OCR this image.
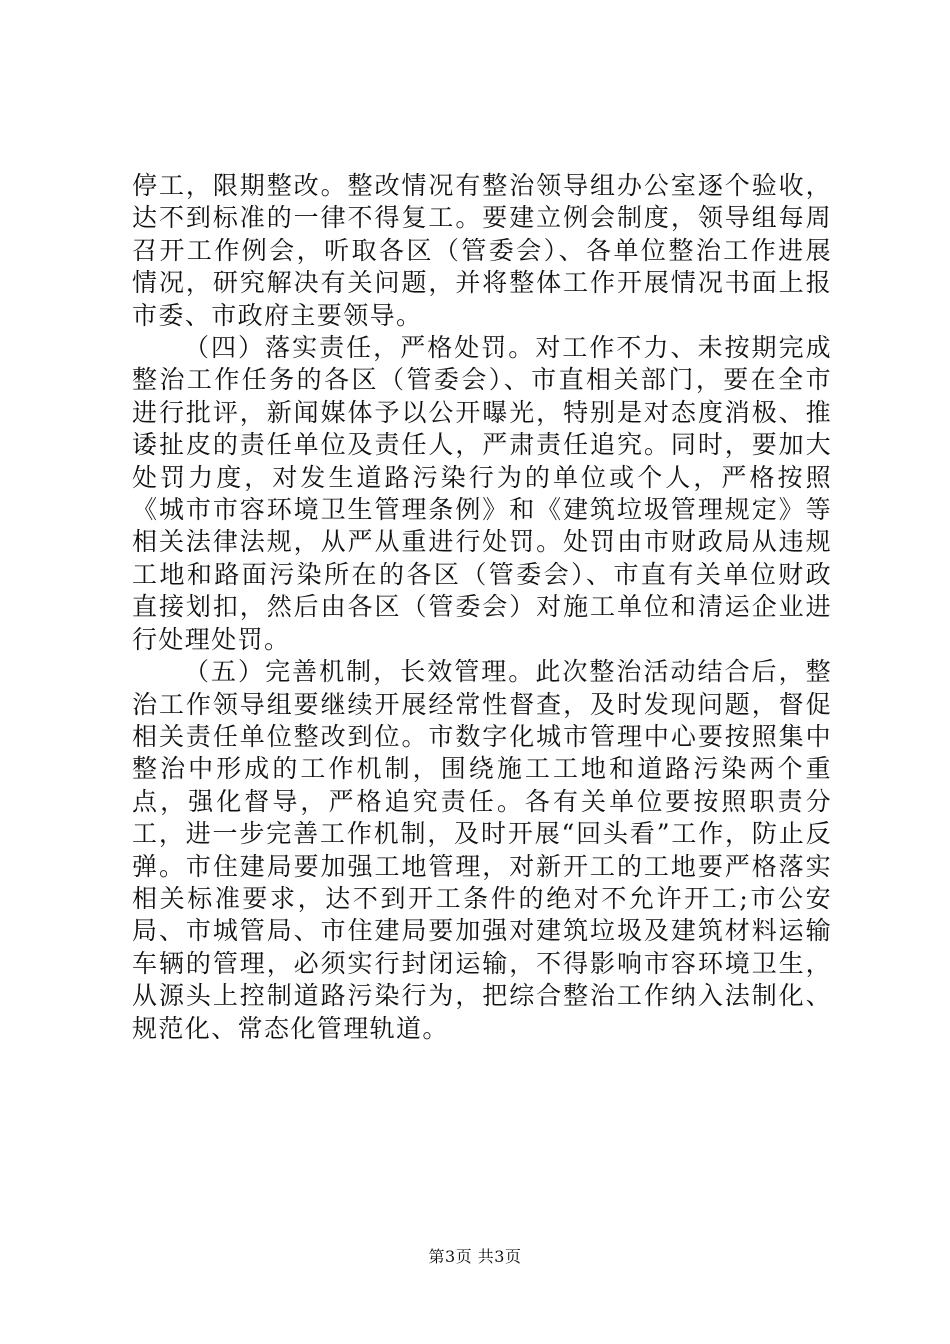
停工，限期整改。整改情况有整治领导组办公室逐个验收，达不到标准的一律不得复工。要建立例会制度，领导组每周召开工作例会，听取各区（管委会）、各单位整治工作进展情况，研究解决有关问题，并将整体工作开展情况书面上报市委、市政府主要领导。

（四）落实责任，严格处罚。对工作不力、未按期完成整治工作任务的各区（管委会）、市直相关部门，要在全市进行批评，新闻媒体予以公开曝光，特别是对态度消极、推诿扯皮的责任单位及责任人，严肃责任追究。同时，要加大处罚力度，对发生道路污染行为的单位或个人，严格按照《城市市容环境卫生管理条例》和《建筑垃圾管理规定》等相关法律法规，从严从重进行处罚。处罚由市财政局从违规工地和路面污染所在的各区（管委会）、市直有关单位财政直接划扣，然后由各区（管委会）对施工单位和清运企业进行处理处罚。

（五）完善机制，长效管理。此次整治活动结合后，整治工作领导组要继续开展经常性督查，及时发现问题，督促相关责任单位整改到位。市数字化城市管理中心要按照集中整治中形成的工作机制，围绕施工工地和道路污染两个重点，强化督导，严格追究责任。各有关单位要按照职责分工，进一步完善工作机制，及时开展“回头看”工作，防止反弹。市住建局要加强工地管理，对新开工的工地要严格落实相关标准要求，达不到开工条件的绝对不允许开工;市公安局、市城管局、市住建局要加强对建筑垃圾及建筑材料运输车辆的管理，必须实行封闭运输，不得影响市容环境卫生，从源头上控制道路污染行为，把综合整治工作纳入法制化、规范化、常态化管理轨道。

第3页 共3页
